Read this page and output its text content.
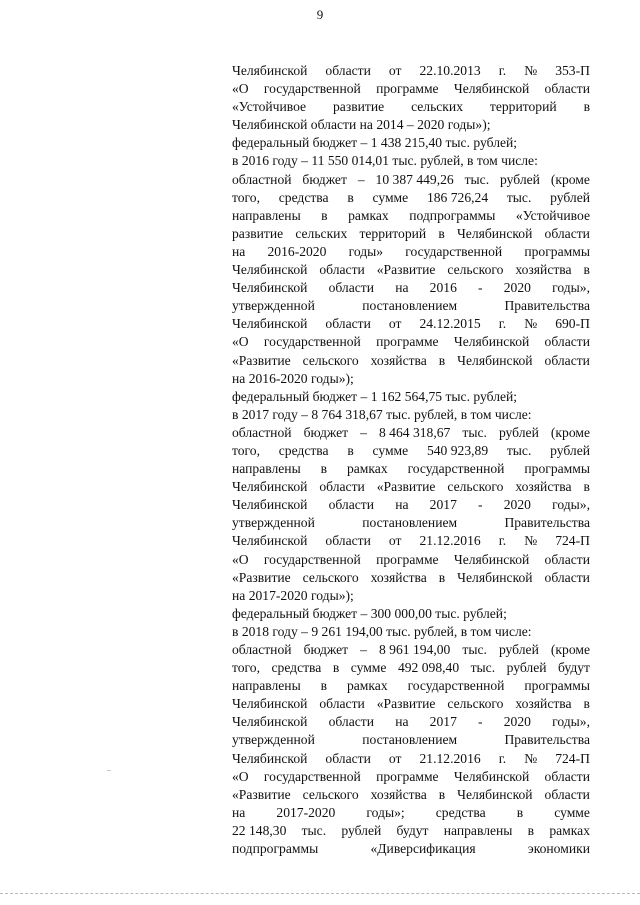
9
Челябинской области от 22.10.2013 г. № 353-П
«О государственной программе Челябинской области
«Устойчивое развитие сельских территорий в
Челябинской области на 2014 – 2020 годы»);
федеральный бюджет – 1 438 215,40 тыс. рублей;
в 2016 году – 11 550 014,01 тыс. рублей, в том числе:
областной бюджет – 10 387 449,26 тыс. рублей (кроме
того, средства в сумме 186 726,24 тыс. рублей
направлены в рамках подпрограммы «Устойчивое
развитие сельских территорий в Челябинской области
на 2016-2020 годы» государственной программы
Челябинской области «Развитие сельского хозяйства в
Челябинской области на 2016 - 2020 годы»,
утвержденной	постановлением	Правительства
Челябинской области от 24.12.2015 г. № 690-П
«О государственной программе Челябинской области
«Развитие сельского хозяйства в Челябинской области
на 2016-2020 годы»);
федеральный бюджет – 1 162 564,75 тыс. рублей;
в 2017 году – 8 764 318,67 тыс. рублей, в том числе:
областной бюджет – 8 464 318,67 тыс. рублей (кроме
того, средства в сумме 540 923,89 тыс. рублей
направлены в рамках государственной программы
Челябинской области «Развитие сельского хозяйства в
Челябинской области на 2017 - 2020 годы»,
утвержденной	постановлением	Правительства
Челябинской области от 21.12.2016 г. № 724-П
«О государственной программе Челябинской области
«Развитие сельского хозяйства в Челябинской области
на 2017-2020 годы»);
федеральный бюджет – 300 000,00 тыс. рублей;
в 2018 году – 9 261 194,00 тыс. рублей, в том числе:
областной бюджет – 8 961 194,00 тыс. рублей (кроме
того, средства в сумме 492 098,40 тыс. рублей будут
направлены в рамках государственной программы
Челябинской области «Развитие сельского хозяйства в
Челябинской области на 2017 - 2020 годы»,
утвержденной	постановлением	Правительства
Челябинской области от 21.12.2016 г. № 724-П
«О государственной программе Челябинской области
«Развитие сельского хозяйства в Челябинской области
на 2017-2020 годы»; средства в сумме
22 148,30 тыс. рублей будут направлены в рамках
подпрограммы	«Диверсификация	экономики
